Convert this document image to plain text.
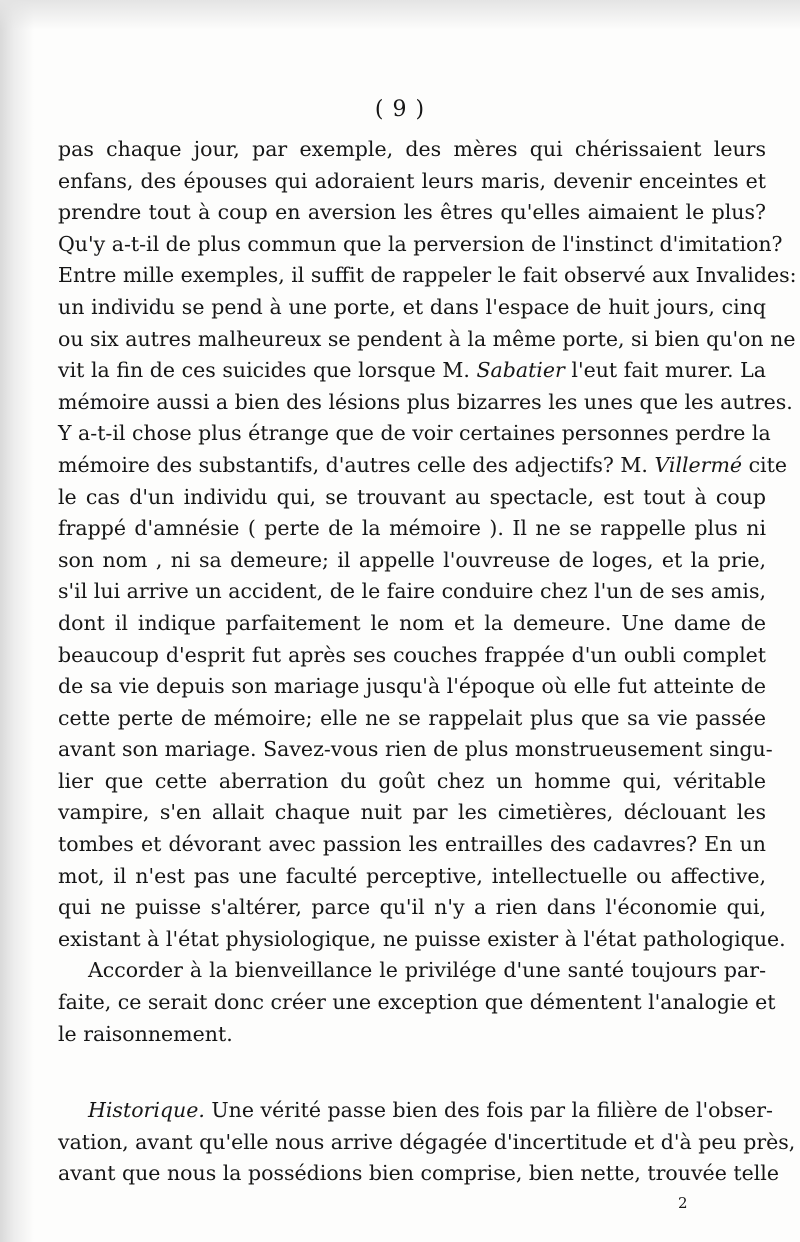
( 9 )
pas chaque jour, par exemple, des mères qui chérissaient leurs
enfans, des épouses qui adoraient leurs maris, devenir enceintes et
prendre tout à coup en aversion les êtres qu'elles aimaient le plus?
Qu'y a-t-il de plus commun que la perversion de l'instinct d'imitation?
Entre mille exemples, il suffit de rappeler le fait observé aux Invalides:
un individu se pend à une porte, et dans l'espace de huit jours, cinq
ou six autres malheureux se pendent à la même porte, si bien qu'on ne
vit la fin de ces suicides que lorsque M. Sabatier l'eut fait murer. La
mémoire aussi a bien des lésions plus bizarres les unes que les autres.
Y a-t-il chose plus étrange que de voir certaines personnes perdre la
mémoire des substantifs, d'autres celle des adjectifs? M. Villermé cite
le cas d'un individu qui, se trouvant au spectacle, est tout à coup
frappé d'amnésie ( perte de la mémoire ). Il ne se rappelle plus ni
son nom , ni sa demeure; il appelle l'ouvreuse de loges, et la prie,
s'il lui arrive un accident, de le faire conduire chez l'un de ses amis,
dont il indique parfaitement le nom et la demeure. Une dame de
beaucoup d'esprit fut après ses couches frappée d'un oubli complet
de sa vie depuis son mariage jusqu'à l'époque où elle fut atteinte de
cette perte de mémoire; elle ne se rappelait plus que sa vie passée
avant son mariage. Savez-vous rien de plus monstrueusement singu-
lier que cette aberration du goût chez un homme qui, véritable
vampire, s'en allait chaque nuit par les cimetières, déclouant les
tombes et dévorant avec passion les entrailles des cadavres? En un
mot, il n'est pas une faculté perceptive, intellectuelle ou affective,
qui ne puisse s'altérer, parce qu'il n'y a rien dans l'économie qui,
existant à l'état physiologique, ne puisse exister à l'état pathologique.
Accorder à la bienveillance le privilége d'une santé toujours par-
faite, ce serait donc créer une exception que démentent l'analogie et
le raisonnement.
Historique. Une vérité passe bien des fois par la filière de l'obser-
vation, avant qu'elle nous arrive dégagée d'incertitude et d'à peu près,
avant que nous la possédions bien comprise, bien nette, trouvée telle
2
